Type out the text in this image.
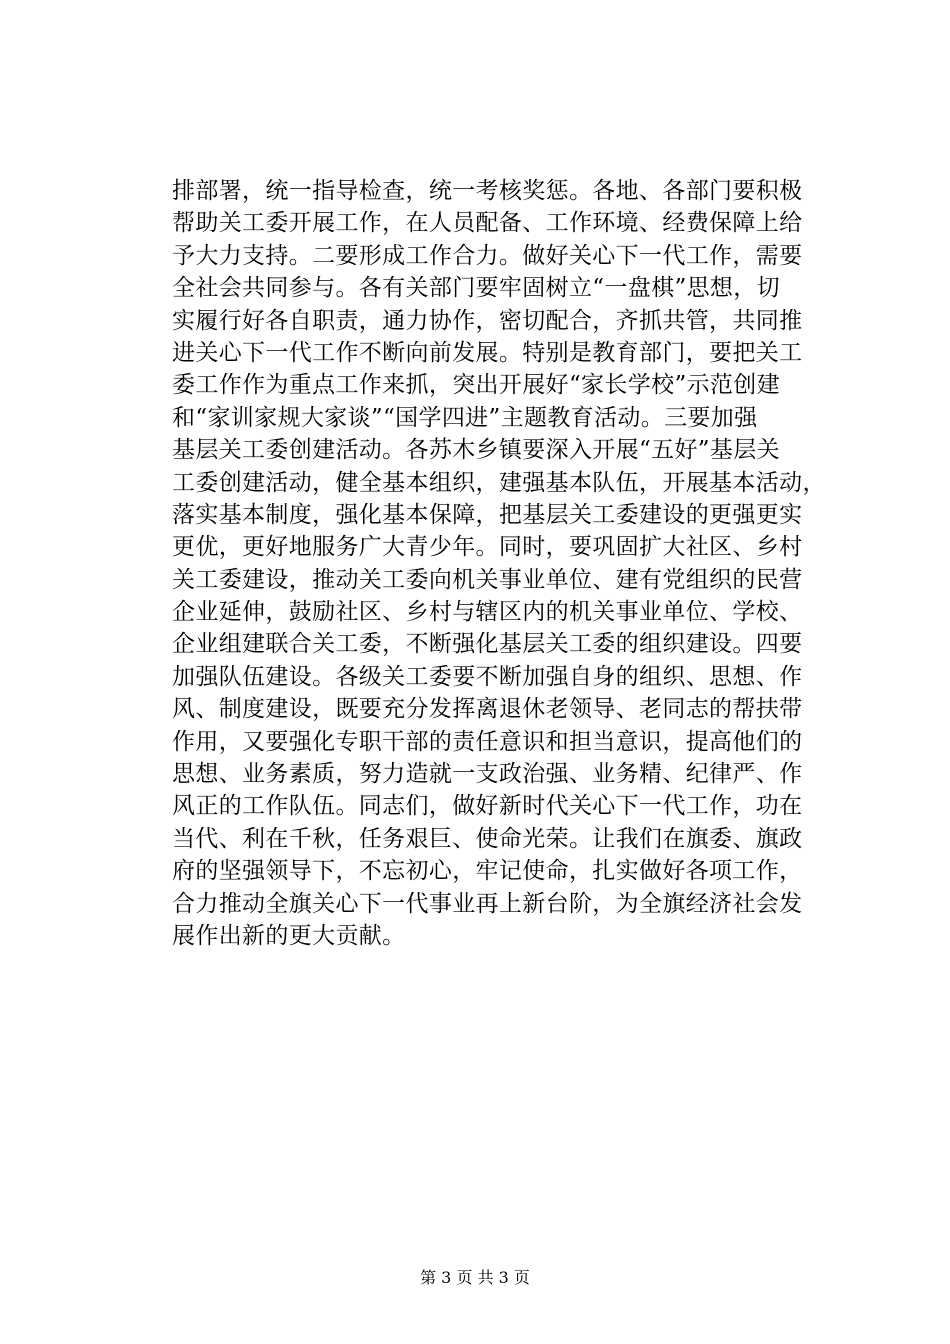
排部署，统一指导检查，统一考核奖惩。各地、各部门要积极
帮助关工委开展工作，在人员配备、工作环境、经费保障上给
予大力支持。二要形成工作合力。做好关心下一代工作，需要
全社会共同参与。各有关部门要牢固树立“一盘棋”思想，切
实履行好各自职责，通力协作，密切配合，齐抓共管，共同推
进关心下一代工作不断向前发展。特别是教育部门，要把关工
委工作作为重点工作来抓，突出开展好“家长学校”示范创建
和“家训家规大家谈”“国学四进”主题教育活动。三要加强
基层关工委创建活动。各苏木乡镇要深入开展“五好”基层关
工委创建活动，健全基本组织，建强基本队伍，开展基本活动，
落实基本制度，强化基本保障，把基层关工委建设的更强更实
更优，更好地服务广大青少年。同时，要巩固扩大社区、乡村
关工委建设，推动关工委向机关事业单位、建有党组织的民营
企业延伸，鼓励社区、乡村与辖区内的机关事业单位、学校、
企业组建联合关工委，不断强化基层关工委的组织建设。四要
加强队伍建设。各级关工委要不断加强自身的组织、思想、作
风、制度建设，既要充分发挥离退休老领导、老同志的帮扶带
作用，又要强化专职干部的责任意识和担当意识，提高他们的
思想、业务素质，努力造就一支政治强、业务精、纪律严、作
风正的工作队伍。同志们，做好新时代关心下一代工作，功在
当代、利在千秋，任务艰巨、使命光荣。让我们在旗委、旗政
府的坚强领导下，不忘初心，牢记使命，扎实做好各项工作，
合力推动全旗关心下一代事业再上新台阶，为全旗经济社会发
展作出新的更大贡献。
第 3 页 共 3 页
